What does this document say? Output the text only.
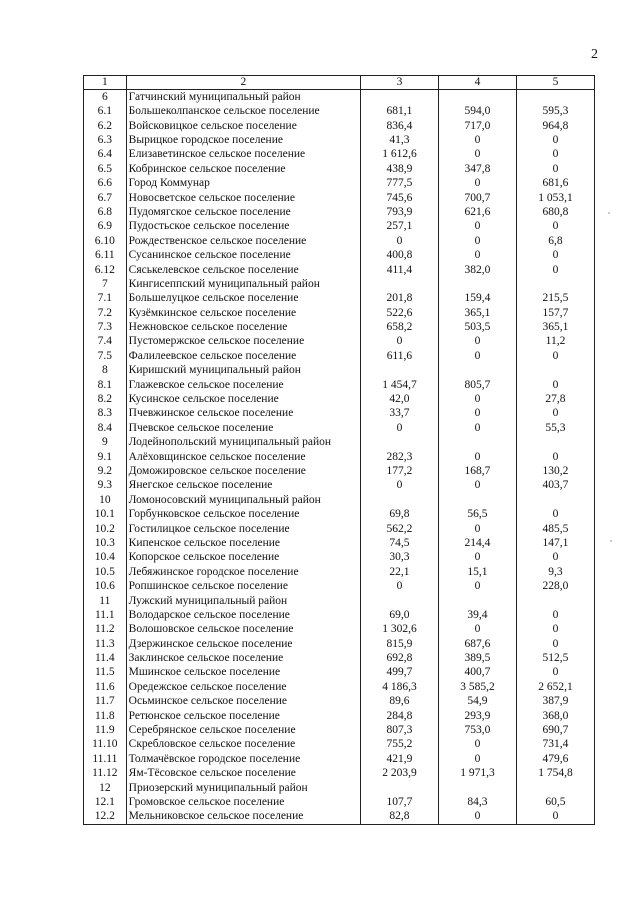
2
1	2	3	4	5
6	Гатчинский муниципальный район			
6.1	Большеколпанское сельское поселение	681,1	594,0	595,3
6.2	Войсковицкое сельское поселение	836,4	717,0	964,8
6.3	Вырицкое городское поселение	41,3	0	0
6.4	Елизаветинское сельское поселение	1 612,6	0	0
6.5	Кобринское сельское поселение	438,9	347,8	0
6.6	Город Коммунар	777,5	0	681,6
6.7	Новосветское сельское поселение	745,6	700,7	1 053,1
6.8	Пудомягское сельское поселение	793,9	621,6	680,8
6.9	Пудостьское сельское поселение	257,1	0	0
6.10	Рождественское сельское поселение	0	0	6,8
6.11	Сусанинское сельское поселение	400,8	0	0
6.12	Сяськелевское сельское поселение	411,4	382,0	0
7	Кингисеппский муниципальный район			
7.1	Большелуцкое сельское поселение	201,8	159,4	215,5
7.2	Кузёмкинское сельское поселение	522,6	365,1	157,7
7.3	Нежновское сельское поселение	658,2	503,5	365,1
7.4	Пустомержское сельское поселение	0	0	11,2
7.5	Фалилеевское сельское поселение	611,6	0	0
8	Киришский муниципальный район			
8.1	Глажевское сельское поселение	1 454,7	805,7	0
8.2	Кусинское сельское поселение	42,0	0	27,8
8.3	Пчевжинское сельское поселение	33,7	0	0
8.4	Пчевское сельское поселение	0	0	55,3
9	Лодейнопольский муниципальный район			
9.1	Алёховщинское сельское поселение	282,3	0	0
9.2	Доможировское сельское поселение	177,2	168,7	130,2
9.3	Янегское сельское поселение	0	0	403,7
10	Ломоносовский муниципальный район			
10.1	Горбунковское сельское поселение	69,8	56,5	0
10.2	Гостилицкое сельское поселение	562,2	0	485,5
10.3	Кипенское сельское поселение	74,5	214,4	147,1
10.4	Копорское сельское поселение	30,3	0	0
10.5	Лебяжинское городское поселение	22,1	15,1	9,3
10.6	Ропшинское сельское поселение	0	0	228,0
11	Лужский муниципальный район			
11.1	Володарское сельское поселение	69,0	39,4	0
11.2	Волошовское сельское поселение	1 302,6	0	0
11.3	Дзержинское сельское поселение	815,9	687,6	0
11.4	Заклинское сельское поселение	692,8	389,5	512,5
11.5	Мшинское сельское поселение	499,7	400,7	0
11.6	Оредежское сельское поселение	4 186,3	3 585,2	2 652,1
11.7	Осьминское сельское поселение	89,6	54,9	387,9
11.8	Ретюнское сельское поселение	284,8	293,9	368,0
11.9	Серебрянское сельское поселение	807,3	753,0	690,7
11.10	Скребловское сельское поселение	755,2	0	731,4
11.11	Толмачёвское городское поселение	421,9	0	479,6
11.12	Ям-Тёсовское сельское поселение	2 203,9	1 971,3	1 754,8
12	Приозерский муниципальный район			
12.1	Громовское сельское поселение	107,7	84,3	60,5
12.2	Мельниковское сельское поселение	82,8	0	0
